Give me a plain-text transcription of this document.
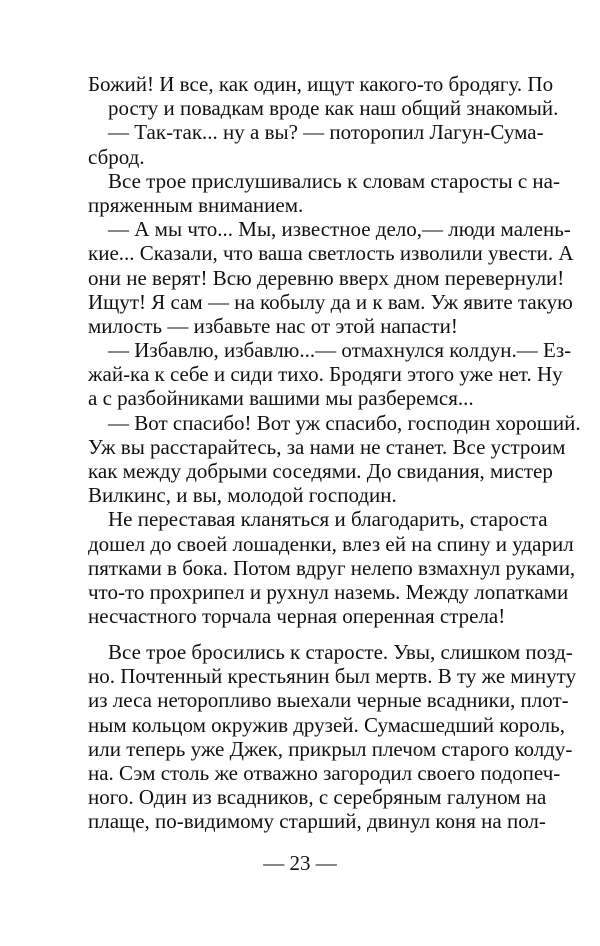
Божий! И все, как один, ищут какого-то бродягу. По
росту и повадкам вроде как наш общий знакомый.
— Так-так... ну а вы? — поторопил Лагун-Сума-
сброд.
Все трое прислушивались к словам старосты с на-
пряженным вниманием.
— А мы что... Мы, известное дело,— люди малень-
кие... Сказали, что ваша светлость изволили увести. А
они не верят! Всю деревню вверх дном перевернули!
Ищут! Я сам — на кобылу да и к вам. Уж явите такую
милость — избавьте нас от этой напасти!
— Избавлю, избавлю...— отмахнулся колдун.— Ез-
жай-ка к себе и сиди тихо. Бродяги этого уже нет. Ну
а с разбойниками вашими мы разберемся...
— Вот спасибо! Вот уж спасибо, господин хороший.
Уж вы расстарайтесь, за нами не станет. Все устроим
как между добрыми соседями. До свидания, мистер
Вилкинс, и вы, молодой господин.
Не переставая кланяться и благодарить, староста
дошел до своей лошаденки, влез ей на спину и ударил
пятками в бока. Потом вдруг нелепо взмахнул руками,
что-то прохрипел и рухнул наземь. Между лопатками
несчастного торчала черная оперенная стрела!
Все трое бросились к старосте. Увы, слишком позд-
но. Почтенный крестьянин был мертв. В ту же минуту
из леса неторопливо выехали черные всадники, плот-
ным кольцом окружив друзей. Сумасшедший король,
или теперь уже Джек, прикрыл плечом старого колду-
на. Сэм столь же отважно загородил своего подопеч-
ного. Один из всадников, с серебряным галуном на
плаще, по-видимому старший, двинул коня на пол-
— 23 —
